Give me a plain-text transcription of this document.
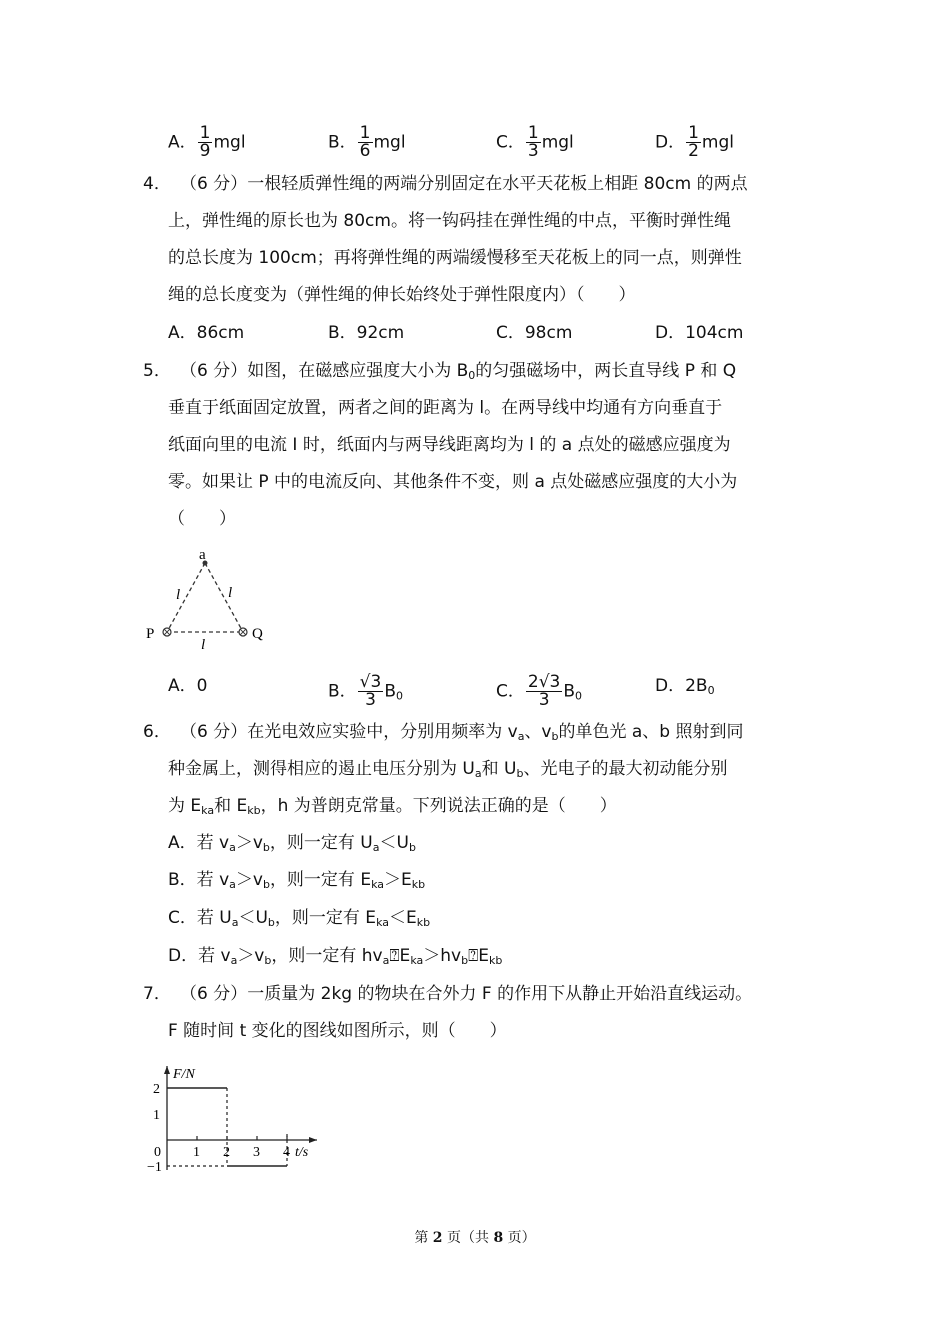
A． $\frac{1}{9}$ mgl	B． $\frac{1}{6}$ mgl	C． $\frac{1}{3}$ mgl	D． $\frac{1}{2}$ mgl
4． （6 分）一根轻质弹性绳的两端分别固定在水平天花板上相距 80cm 的两点
上，弹性绳的原长也为 80cm。将一钩码挂在弹性绳的中点，平衡时弹性绳
的总长度为 100cm；再将弹性绳的两端缓慢移至天花板上的同一点，则弹性
绳的总长度变为（弹性绳的伸长始终处于弹性限度内）（　　）
A．86cm	B．92cm	C．98cm	D．104cm
5． （6 分）如图，在磁感应强度大小为 $B_0$的匀强磁场中，两长直导线 P 和 Q
垂直于纸面固定放置，两者之间的距离为 l。在两导线中均通有方向垂直于
纸面向里的电流 I 时，纸面内与两导线距离均为 l 的 a 点处的磁感应强度为
零。如果让 P 中的电流反向、其他条件不变，则 a 点处磁感应强度的大小为
（　　）
a
P	Q
l	l
l
A．0	B． $\frac{√3}{3} B_0$	C． $\frac{2√3}{3} B_0$	D．$2B_0$
6． （6 分）在光电效应实验中，分别用频率为 $v_a$、$v_b$的单色光 a、b 照射到同
种金属上，测得相应的遏止电压分别为 $U_a$和 $U_b$、光电子的最大初动能分别
为 $E_{ka}$和 $E_{kb}$，h 为普朗克常量。下列说法正确的是（　　）
A．若 $v_a>v_b$，则一定有 $U_a<U_b$
B．若 $v_a>v_b$，则一定有 $E_{ka}>E_{kb}$
C．若 $U_a<U_b$，则一定有 $E_{ka}<E_{kb}$
D．若 $v_a>v_b$，则一定有 $hv_a⍰E_{ka}>hv_b⍰E_{kb}$
7． （6 分）一质量为 2kg 的物块在合外力 F 的作用下从静止开始沿直线运动。
F 随时间 t 变化的图线如图所示，则（　　）
0 1 2 3 4
2
1
−1
F/N
t/s
第 2 页（共 8 页）
